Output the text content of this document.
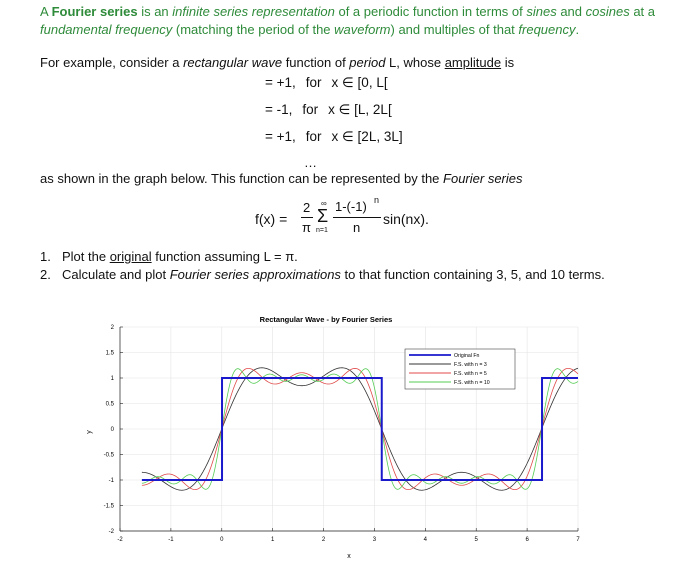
A Fourier series is an infinite series representation of a periodic function in terms of sines and cosines at a fundamental frequency (matching the period of the waveform) and multiples of that frequency.
For example, consider a rectangular wave function of period L, whose amplitude is
= +1, for x ∈ [0, L[
= -1, for x ∈ [L, 2L[
= +1, for x ∈ [2L, 3L]
…
as shown in the graph below. This function can be represented by the Fourier series
f(x) =
2
π
∞
Σ
n=1
1-(-1) n
n
sin(nx).
1. Plot the original function assuming L = π.
2. Calculate and plot Fourier series approximations to that function containing 3, 5, and 10 terms.
Rectangular Wave - by Fourier Series
x
y
-2	-1	0	1	2	3	4	5	6	7
-2
-1.5
-1
-0.5
0
0.5
1
1.5
2
Original Fn
F.S. with n = 3
F.S. with n = 5
F.S. with n = 10
